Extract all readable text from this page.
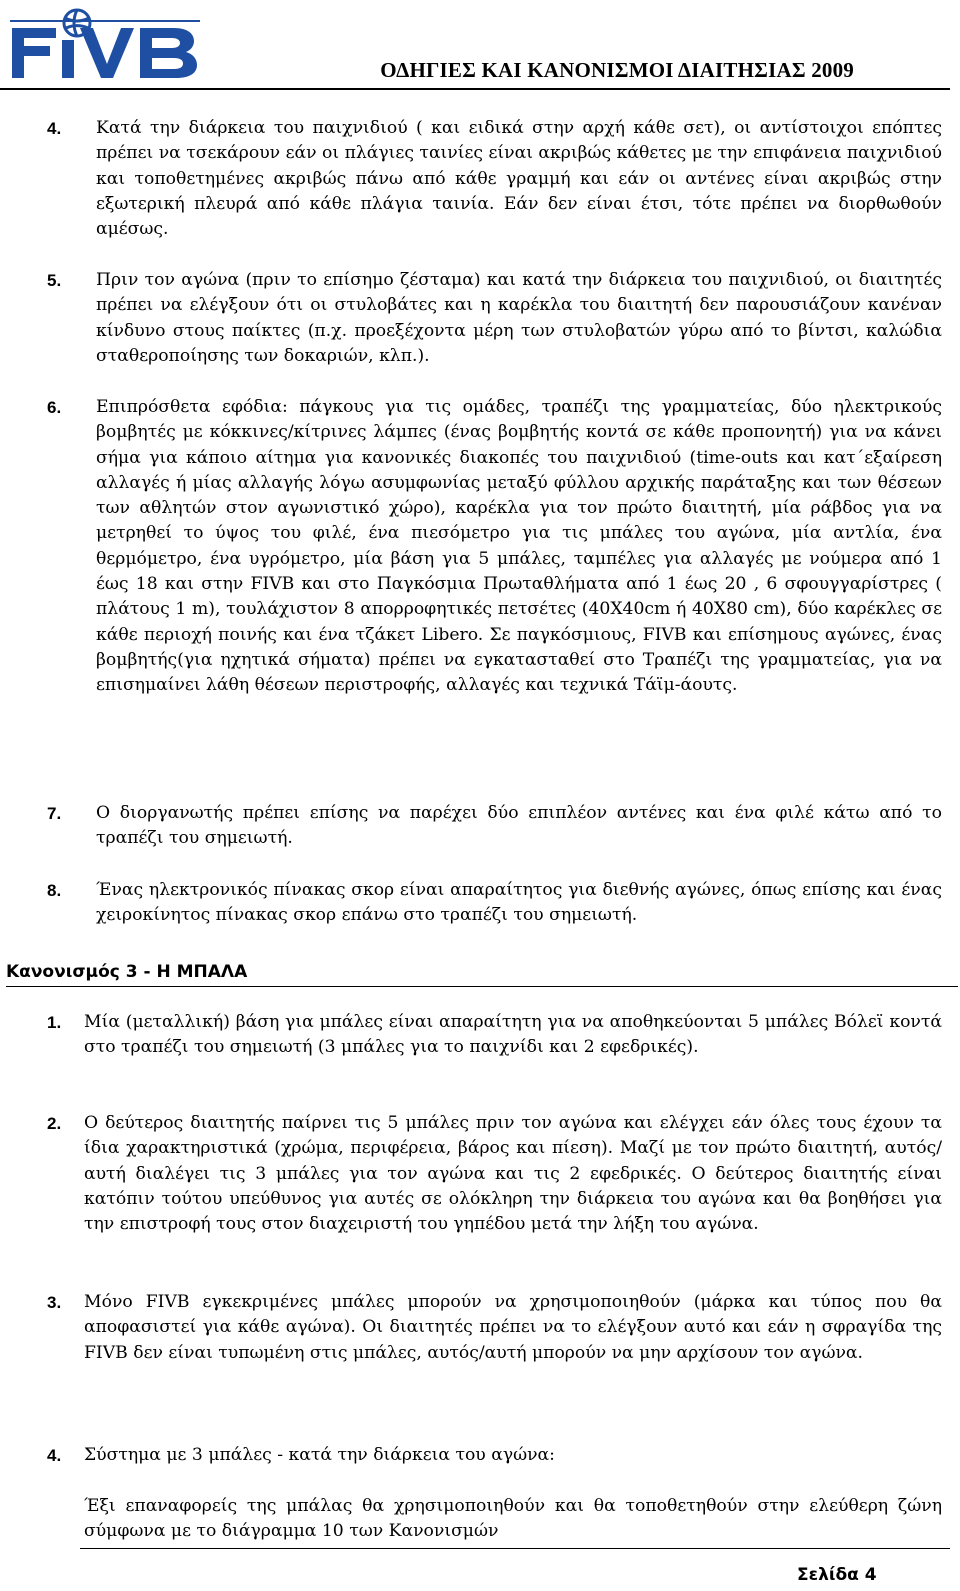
ΟΔΗΓΙΕΣ ΚΑΙ ΚΑΝΟΝΙΣΜΟΙ ΔΙΑΙΤΗΣΙΑΣ 2009
4. Κατά την διάρκεια του παιχνιδιού ( και ειδικά στην αρχή κάθε σετ), οι αντίστοιχοι επόπτες πρέπει να τσεκάρουν εάν οι πλάγιες ταινίες είναι ακριβώς κάθετες με την επιφάνεια παιχνιδιού και τοποθετημένες ακριβώς πάνω από κάθε γραμμή και εάν οι αντένες είναι ακριβώς στην εξωτερική πλευρά από κάθε πλάγια ταινία. Εάν δεν είναι έτσι, τότε πρέπει να διορθωθούν αμέσως.
5. Πριν τον αγώνα (πριν το επίσημο ζέσταμα) και κατά την διάρκεια του παιχνιδιού, οι διαιτητές πρέπει να ελέγξουν ότι οι στυλοβάτες και η καρέκλα του διαιτητή δεν παρουσιάζουν κανέναν κίνδυνο στους παίκτες (π.χ. προεξέχοντα μέρη των στυλοβατών γύρω από το βίντσι, καλώδια σταθεροποίησης των δοκαριών, κλπ.).
6. Επιπρόσθετα εφόδια: πάγκους για τις ομάδες, τραπέζι της γραμματείας, δύο ηλεκτρικούς βομβητές με κόκκινες/κίτρινες λάμπες (ένας βομβητής κοντά σε κάθε προπονητή) για να κάνει σήμα για κάποιο αίτημα για κανονικές διακοπές του παιχνιδιού (time-outs και κατ΄εξαίρεση αλλαγές ή μίας αλλαγής λόγω ασυμφωνίας μεταξύ φύλλου αρχικής παράταξης και των θέσεων των αθλητών στον αγωνιστικό χώρο), καρέκλα για τον πρώτο διαιτητή, μία ράβδος για να μετρηθεί το ύψος του φιλέ, ένα πιεσόμετρο για τις μπάλες του αγώνα, μία αντλία, ένα θερμόμετρο, ένα υγρόμετρο, μία βάση για 5 μπάλες, ταμπέλες για αλλαγές με νούμερα από 1 έως 18 και στην FIVB και στο Παγκόσμια Πρωταθλήματα από 1 έως 20 , 6 σφουγγαρίστρες ( πλάτους 1 m), τουλάχιστον 8 απορροφητικές πετσέτες (40X40cm ή 40X80 cm), δύο καρέκλες σε κάθε περιοχή ποινής και ένα τζάκετ Libero. Σε παγκόσμιους, FIVB και επίσημους αγώνες, ένας βομβητής(για ηχητικά σήματα) πρέπει να εγκατασταθεί στο Τραπέζι της γραμματείας, για να επισημαίνει λάθη θέσεων περιστροφής, αλλαγές και τεχνικά Τάϊμ-άουτς.
7. Ο διοργανωτής πρέπει επίσης να παρέχει δύο επιπλέον αντένες και ένα φιλέ κάτω από το τραπέζι του σημειωτή.
8. Ένας ηλεκτρονικός πίνακας σκορ είναι απαραίτητος για διεθνής αγώνες, όπως επίσης και ένας χειροκίνητος πίνακας σκορ επάνω στο τραπέζι του σημειωτή.
Κανονισμός 3 - Η ΜΠΑΛΑ
1. Μία (μεταλλική) βάση για μπάλες είναι απαραίτητη για να αποθηκεύονται 5 μπάλες Βόλεϊ κοντά στο τραπέζι του σημειωτή (3 μπάλες για το παιχνίδι και 2 εφεδρικές).
2. Ο δεύτερος διαιτητής παίρνει τις 5 μπάλες πριν τον αγώνα και ελέγχει εάν όλες τους έχουν τα ίδια χαρακτηριστικά (χρώμα, περιφέρεια, βάρος και πίεση). Μαζί με τον πρώτο διαιτητή, αυτός/αυτή διαλέγει τις 3 μπάλες για τον αγώνα και τις 2 εφεδρικές. Ο δεύτερος διαιτητής είναι κατόπιν τούτου υπεύθυνος για αυτές σε ολόκληρη την διάρκεια του αγώνα και θα βοηθήσει για την επιστροφή τους στον διαχειριστή του γηπέδου μετά την λήξη του αγώνα.
3. Μόνο FIVB εγκεκριμένες μπάλες μπορούν να χρησιμοποιηθούν (μάρκα και τύπος που θα αποφασιστεί για κάθε αγώνα). Οι διαιτητές πρέπει να το ελέγξουν αυτό και εάν η σφραγίδα της FIVB δεν είναι τυπωμένη στις μπάλες, αυτός/αυτή μπορούν να μην αρχίσουν τον αγώνα.
4. Σύστημα με 3 μπάλες - κατά την διάρκεια του αγώνα:
Έξι επαναφορείς της μπάλας θα χρησιμοποιηθούν και θα τοποθετηθούν στην ελεύθερη ζώνη σύμφωνα με το διάγραμμα 10 των Κανονισμών
Σελίδα 4
